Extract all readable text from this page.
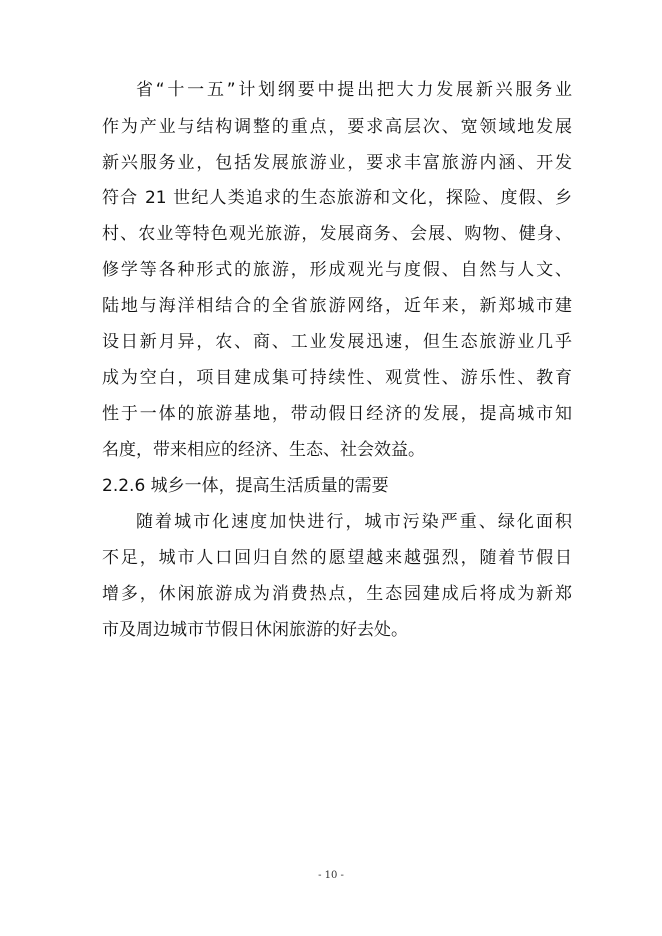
省“十一五”计划纲要中提出把大力发展新兴服务业
作为产业与结构调整的重点，要求高层次、宽领域地发展
新兴服务业，包括发展旅游业，要求丰富旅游内涵、开发
符合 21 世纪人类追求的生态旅游和文化，探险、度假、乡
村、农业等特色观光旅游，发展商务、会展、购物、健身、
修学等各种形式的旅游，形成观光与度假、自然与人文、
陆地与海洋相结合的全省旅游网络，近年来，新郑城市建
设日新月异，农、商、工业发展迅速，但生态旅游业几乎
成为空白，项目建成集可持续性、观赏性、游乐性、教育
性于一体的旅游基地，带动假日经济的发展，提高城市知
名度，带来相应的经济、生态、社会效益。
2.2.6 城乡一体，提高生活质量的需要
随着城市化速度加快进行，城市污染严重、绿化面积
不足，城市人口回归自然的愿望越来越强烈，随着节假日
增多，休闲旅游成为消费热点，生态园建成后将成为新郑
市及周边城市节假日休闲旅游的好去处。
- 10 -
